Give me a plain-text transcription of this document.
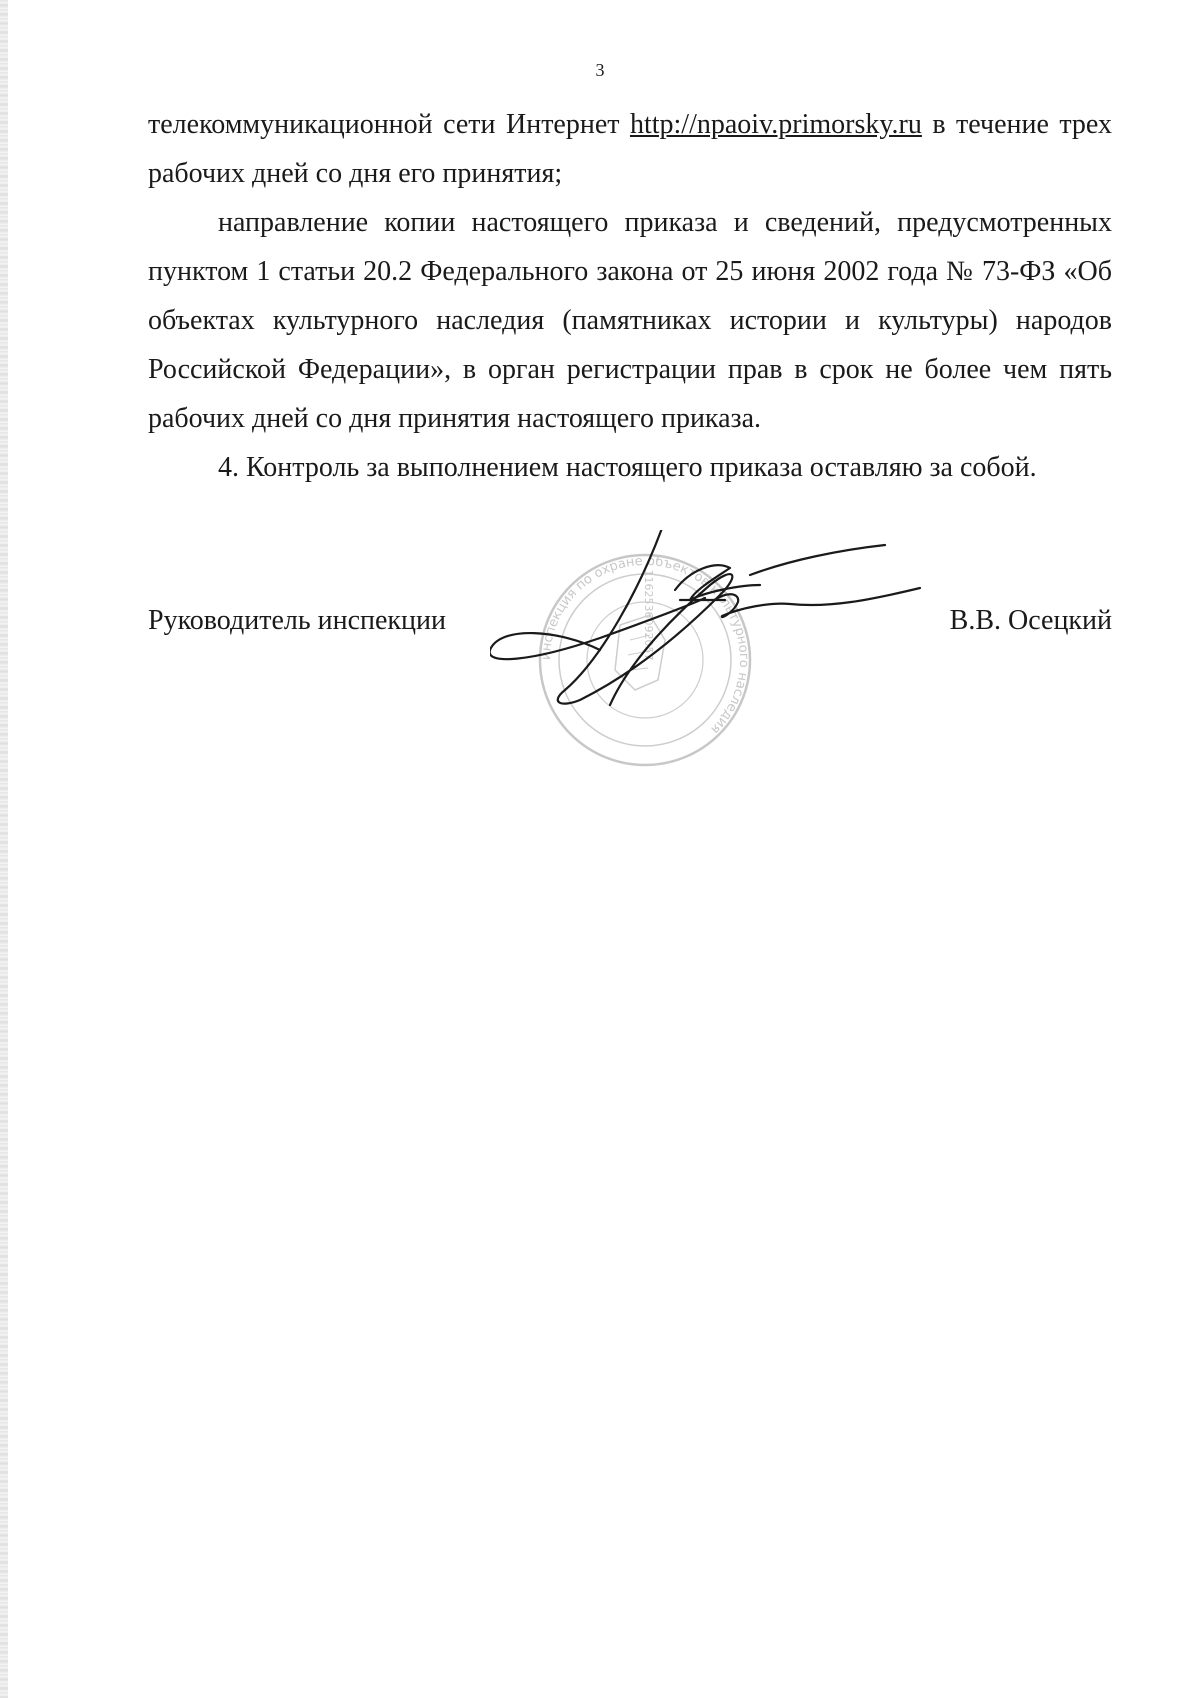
3

телекоммуникационной сети Интернет http://npaoiv.primorsky.ru в течение трех рабочих дней со дня его принятия;

направление копии настоящего приказа и сведений, предусмотренных пунктом 1 статьи 20.2 Федерального закона от 25 июня 2002 года № 73-ФЗ «Об объектах культурного наследия (памятниках истории и культуры) народов Российской Федерации», в орган регистрации прав в срок не более чем пять рабочих дней со дня принятия настоящего приказа.

4. Контроль за выполнением настоящего приказа оставляю за собой.

инспекция по охране объектов культурного наследия
1162536092057
Руководитель инспекции	В.В. Осецкий
